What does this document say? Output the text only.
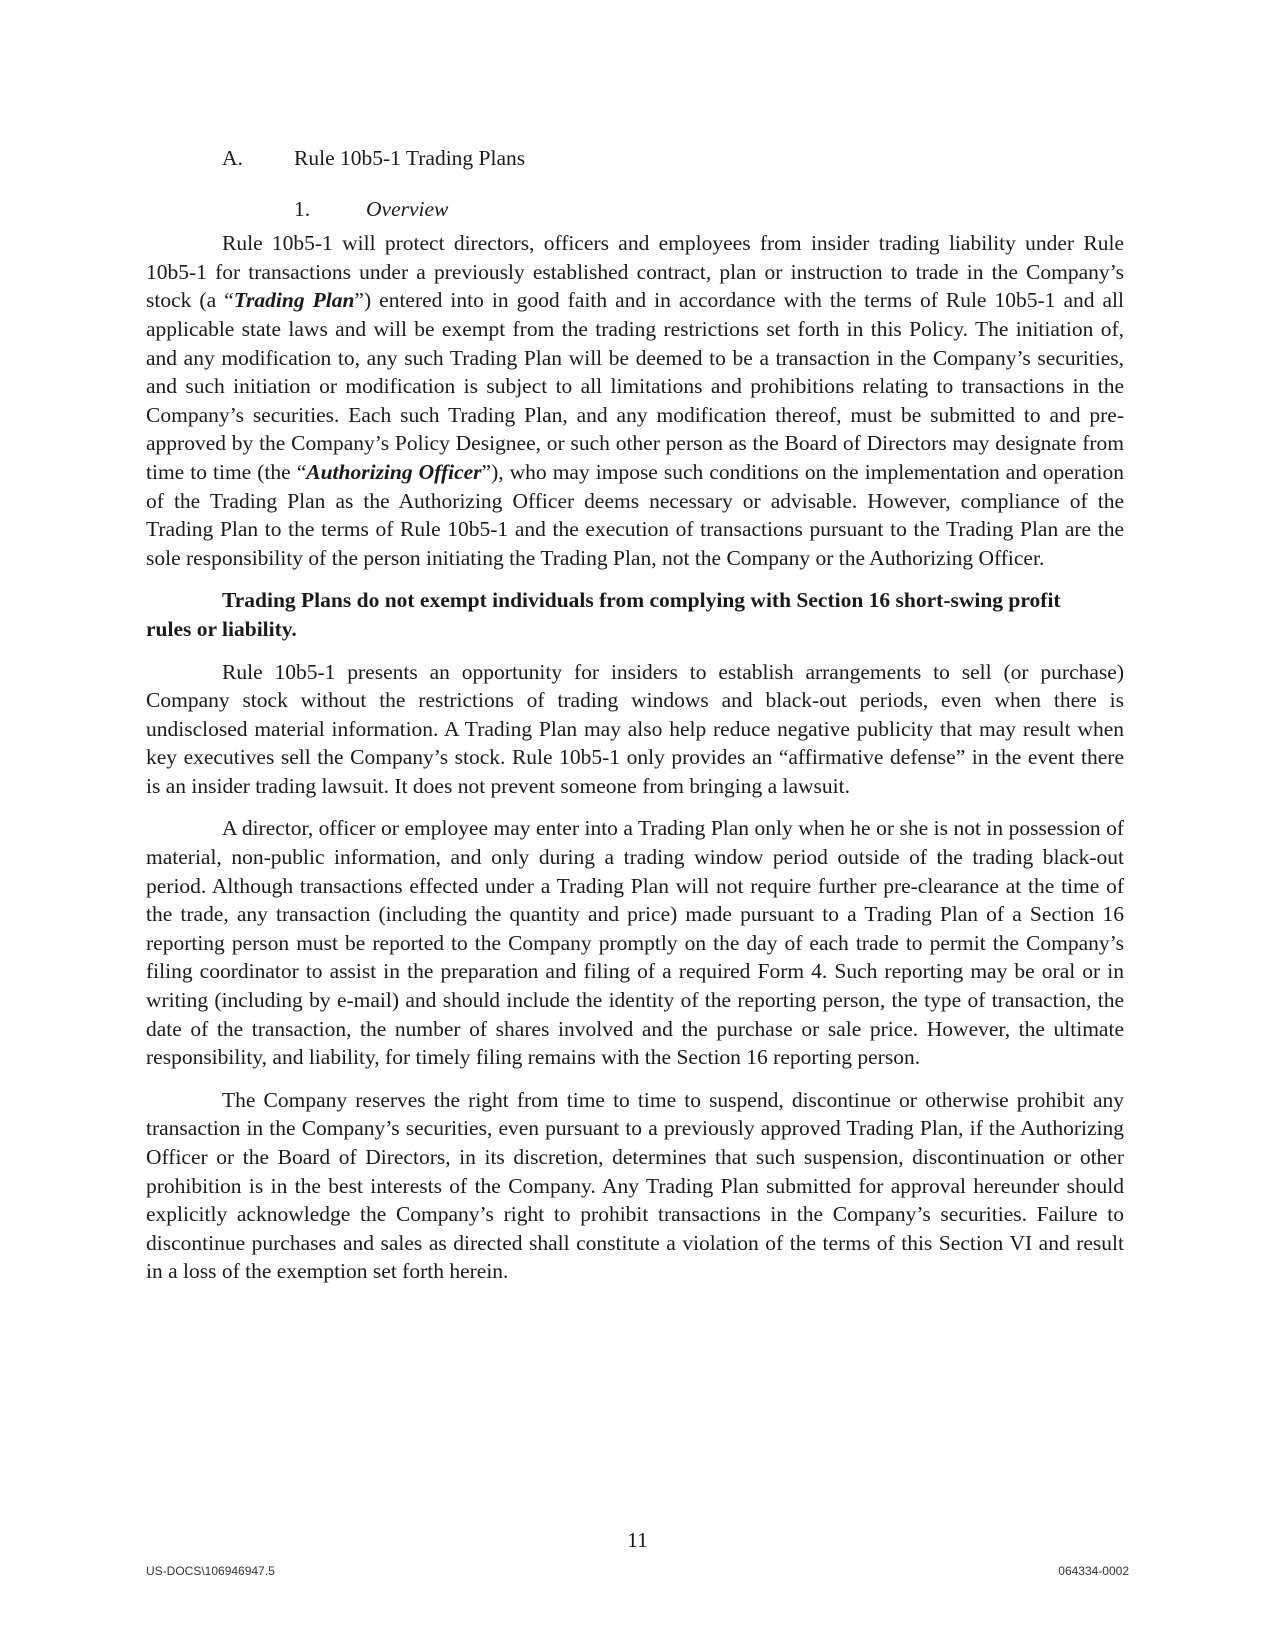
A.	Rule 10b5-1 Trading Plans
1.	Overview

Rule 10b5-1 will protect directors, officers and employees from insider trading liability under Rule 10b5-1 for transactions under a previously established contract, plan or instruction to trade in the Company’s stock (a “Trading Plan”) entered into in good faith and in accordance with the terms of Rule 10b5-1 and all applicable state laws and will be exempt from the trading restrictions set forth in this Policy. The initiation of, and any modification to, any such Trading Plan will be deemed to be a transaction in the Company’s securities, and such initiation or modification is subject to all limitations and prohibitions relating to transactions in the Company’s securities. Each such Trading Plan, and any modification thereof, must be submitted to and pre-approved by the Company’s Policy Designee, or such other person as the Board of Directors may designate from time to time (the “Authorizing Officer”), who may impose such conditions on the implementation and operation of the Trading Plan as the Authorizing Officer deems necessary or advisable. However, compliance of the Trading Plan to the terms of Rule 10b5-1 and the execution of transactions pursuant to the Trading Plan are the sole responsibility of the person initiating the Trading Plan, not the Company or the Authorizing Officer.

Trading Plans do not exempt individuals from complying with Section 16 short-swing profit rules or liability.

Rule 10b5-1 presents an opportunity for insiders to establish arrangements to sell (or purchase) Company stock without the restrictions of trading windows and black-out periods, even when there is undisclosed material information. A Trading Plan may also help reduce negative publicity that may result when key executives sell the Company’s stock. Rule 10b5-1 only provides an “affirmative defense” in the event there is an insider trading lawsuit. It does not prevent someone from bringing a lawsuit.

A director, officer or employee may enter into a Trading Plan only when he or she is not in possession of material, non-public information, and only during a trading window period outside of the trading black-out period. Although transactions effected under a Trading Plan will not require further pre-clearance at the time of the trade, any transaction (including the quantity and price) made pursuant to a Trading Plan of a Section 16 reporting person must be reported to the Company promptly on the day of each trade to permit the Company’s filing coordinator to assist in the preparation and filing of a required Form 4. Such reporting may be oral or in writing (including by e-mail) and should include the identity of the reporting person, the type of transaction, the date of the transaction, the number of shares involved and the purchase or sale price. However, the ultimate responsibility, and liability, for timely filing remains with the Section 16 reporting person.

The Company reserves the right from time to time to suspend, discontinue or otherwise prohibit any transaction in the Company’s securities, even pursuant to a previously approved Trading Plan, if the Authorizing Officer or the Board of Directors, in its discretion, determines that such suspension, discontinuation or other prohibition is in the best interests of the Company. Any Trading Plan submitted for approval hereunder should explicitly acknowledge the Company’s right to prohibit transactions in the Company’s securities. Failure to discontinue purchases and sales as directed shall constitute a violation of the terms of this Section VI and result in a loss of the exemption set forth herein.

11
US-DOCS\106946947.5	064334-0002
